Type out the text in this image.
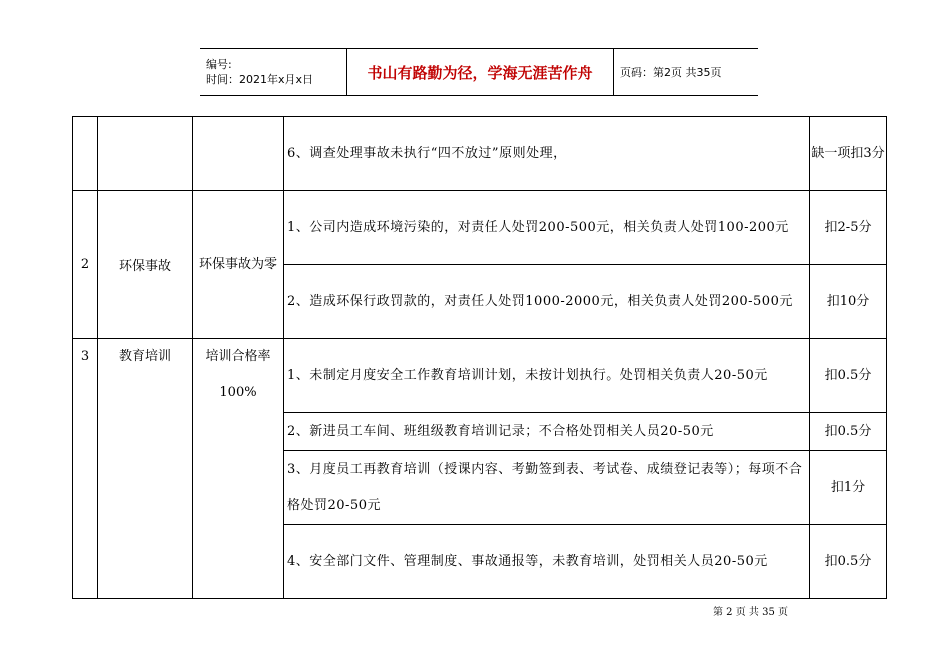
编号:
时间：2021年x月x日	书山有路勤为径，学海无涯苦作舟	页码：第2页 共35页
			6、调查处理事故未执行“四不放过”原则处理，	缺一项扣3分
2	环保事故	环保事故为零	1、公司内造成环境污染的，对责任人处罚200-500元，相关负责人处罚100-200元	扣2-5分
			2、造成环保行政罚款的，对责任人处罚1000-2000元，相关负责人处罚200-500元	扣10分

3	教育培训	培训合格率100%	1、未制定月度安全工作教育培训计划，未按计划执行。处罚相关负责人20-50元	扣0.5分
			2、新进员工车间、班组级教育培训记录；不合格处罚相关人员20-50元	扣0.5分
			3、月度员工再教育培训（授课内容、考勤签到表、考试卷、成绩登记表等）；每项不合格处罚20-50元	扣1分
			4、安全部门文件、管理制度、事故通报等，未教育培训，处罚相关人员20-50元	扣0.5分
第 2 页 共 35 页
